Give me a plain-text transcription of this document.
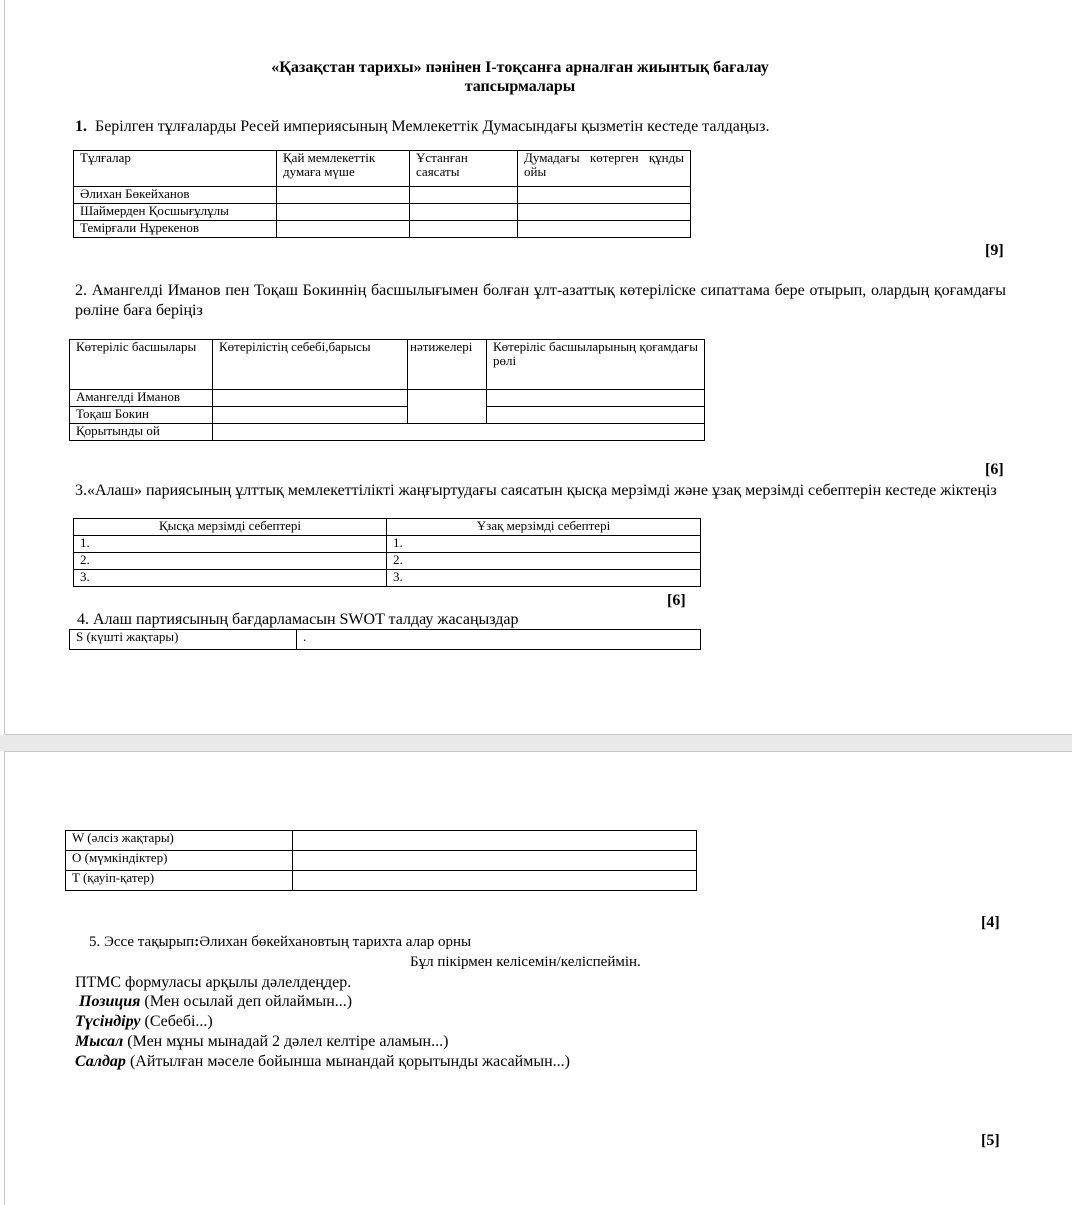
«Қазақстан тарихы» пәнінен І-тоқсанға арналған жиынтық бағалау
тапсырмалары
1. Берілген тұлғаларды Ресей империясының Мемлекеттік Думасындағы қызметін кестеде талдаңыз.
Тұлғалар	Қай мемлекеттік думаға мүше	Ұстанған саясаты	Думадағы көтерген құнды ойы
Әлихан Бөкейханов			
Шаймерден Қосшығұлұлы			
Темірғали Нұрекенов			
[9]
2. Амангелді Иманов пен Тоқаш Бокиннің басшылығымен болған ұлт-азаттық көтеріліске сипаттама бере отырып, олардың қоғамдағы рөліне баға беріңіз
Көтеріліс басшылары	Көтерілістің себебі,барысы	нәтижелері	Көтеріліс басшыларының қоғамдағы рөлі
Амангелді Иманов			
Тоқаш Бокин			
Қорытынды ой			
[6]
3.«Алаш» париясының ұлттық мемлекеттілікті жаңғыртудағы саясатын қысқа мерзімді және ұзақ мерзімді себептерін кестеде жіктеңіз
Қысқа мерзімді себептері	Ұзақ мерзімді себептері
1.	1.
2.	2.
3.	3.
[6]
4. Алаш партиясының бағдарламасын SWOT талдау жасаңыздар
S (күшті жақтары)	.
W (әлсіз жақтары)	
O (мүмкіндіктер)	
T (қауіп-қатер)	
[4]
5. Эссе тақырып:Әлихан бөкейхановтың тарихта алар орны
Бұл пікірмен келісемін/келіспеймін.
ПТМС формуласы арқылы дәлелдеңдер.
Позиция (Мен осылай деп ойлаймын...)
Түсіндіру (Себебі...)
Мысал (Мен мұны мынадай 2 дәлел келтіре аламын...)
Салдар (Айтылған мәселе бойынша мынандай қорытынды жасаймын...)
[5]
